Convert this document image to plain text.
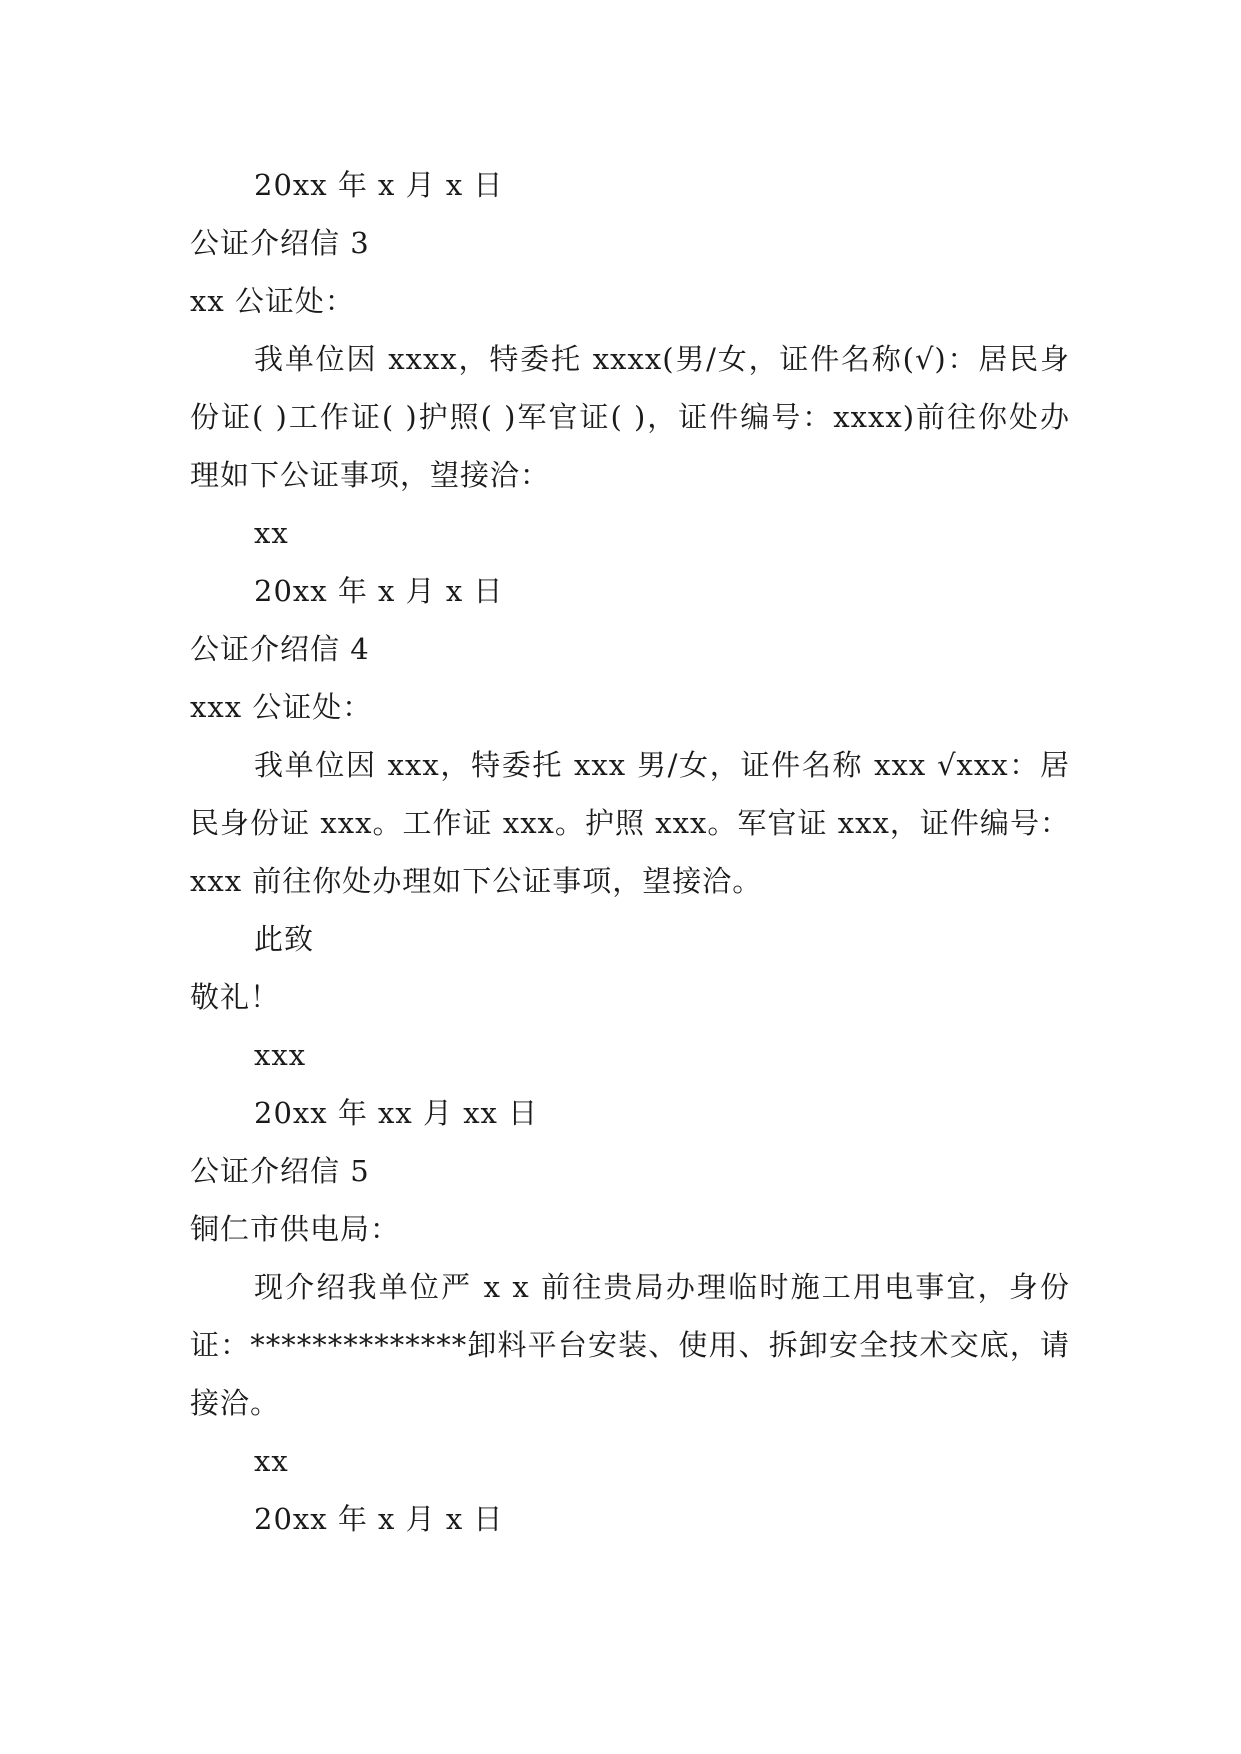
20xx 年 x 月 x 日
公证介绍信 3
xx 公证处：
我单位因 xxxx，特委托 xxxx(男/女，证件名称(√)：居民身份证( )工作证( )护照( )军官证( )，证件编号：xxxx)前往你处办理如下公证事项，望接洽：
xx
20xx 年 x 月 x 日
公证介绍信 4
xxx 公证处：
我单位因 xxx，特委托 xxx 男/女，证件名称 xxx √xxx：居民身份证 xxx。工作证 xxx。护照 xxx。军官证 xxx，证件编号：xxx 前往你处办理如下公证事项，望接洽。
此致
敬礼！
xxx
20xx 年 xx 月 xx 日
公证介绍信 5
铜仁市供电局：
现介绍我单位严 x x 前往贵局办理临时施工用电事宜，身份证：**************卸料平台安装、使用、拆卸安全技术交底，请接洽。
xx
20xx 年 x 月 x 日
